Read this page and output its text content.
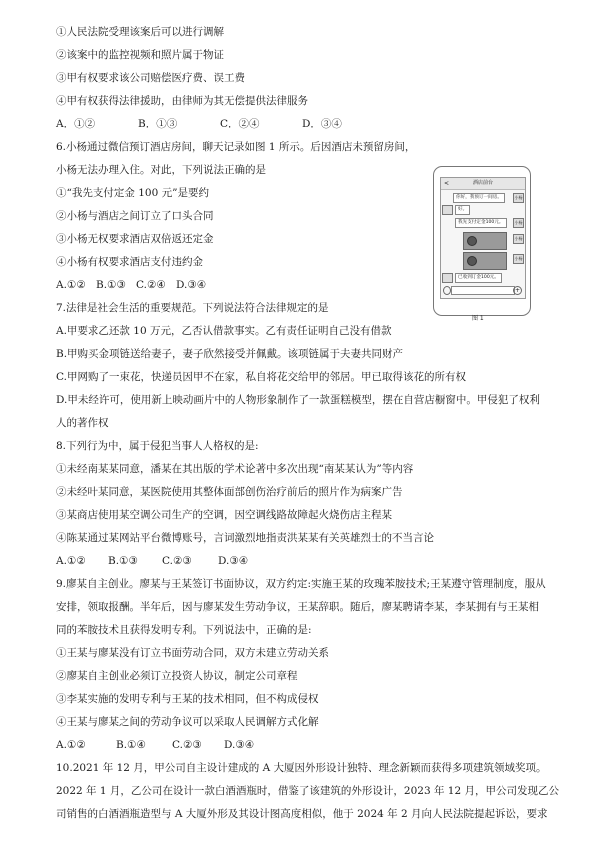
①人民法院受理该案后可以进行调解
②该案中的监控视频和照片属于物证
③甲有权要求该公司赔偿医疗费、误工费
④甲有权获得法律援助，由律师为其无偿提供法律服务
A．①②	B．①③	C．②④	D．③④
6.小杨通过微信预订酒店房间，聊天记录如图 1 所示。后因酒店未预留房间，
小杨无法办理入住。对此，下列说法正确的是
①“我先支付定金 100 元”是要约
②小杨与酒店之间订立了口头合同
③小杨无权要求酒店双倍返还定金
④小杨有权要求酒店支付违约金
A.①② B.①③ C.②④ D.③④
<	酒店前台
你好，我预订一间房。	小杨
好。
我先支付定金100元。	小杨
小杨
小杨
已收到订金100元。
+
图 1
7.法律是社会生活的重要规范。下列说法符合法律规定的是
A.甲要求乙还款 10 万元，乙否认借款事实。乙有责任证明自己没有借款
B.甲购买金项链送给妻子，妻子欣然接受并佩戴。该项链属于夫妻共同财产
C.甲网购了一束花，快递员因甲不在家，私自将花交给甲的邻居。甲已取得该花的所有权
D.甲未经许可，使用新上映动画片中的人物形象制作了一款蛋糕模型，摆在自营店橱窗中。甲侵犯了权利
人的著作权
8.下列行为中，属于侵犯当事人人格权的是:
①未经南某某同意，潘某在其出版的学术论著中多次出现“南某某认为”等内容
②未经叶某同意，某医院使用其整体面部创伤治疗前后的照片作为病案广告
③某商店使用某空调公司生产的空调，因空调线路故障起火烧伤店主程某
④陈某通过某网站平台微博账号，言词激烈地指责洪某某有关英雄烈士的不当言论
A.①②	B.①③	C.②③	D.③④
9.廖某自主创业。廖某与王某签订书面协议，双方约定:实施王某的玫瑰苯胺技术;王某遵守管理制度，服从
安排，领取报酬。半年后，因与廖某发生劳动争议，王某辞职。随后，廖某聘请李某，李某拥有与王某相
同的苯胺技术且获得发明专利。下列说法中，正确的是:
①王某与廖某没有订立书面劳动合同，双方未建立劳动关系
②廖某自主创业必须订立投资人协议，制定公司章程
③李某实施的发明专利与王某的技术相同，但不构成侵权
④王某与廖某之间的劳动争议可以采取人民调解方式化解
A.①②	B.①④	C.②③	D.③④
10.2021 年 12 月，甲公司自主设计建成的 A 大厦因外形设计独特、理念新颖而获得多项建筑领域奖项。
2022 年 1 月，乙公司在设计一款白酒酒瓶时，借鉴了该建筑的外形设计，2023 年 12 月，甲公司发现乙公
司销售的白酒酒瓶造型与 A 大厦外形及其设计图高度相似，他于 2024 年 2 月向人民法院提起诉讼，要求
